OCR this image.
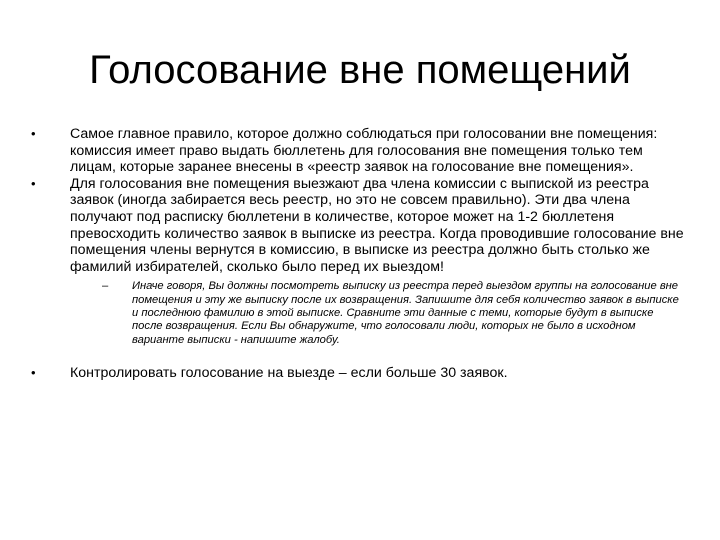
Голосование вне помещений
• Самое главное правило, которое должно соблюдаться при голосовании вне помещения: комиссия имеет право выдать бюллетень для голосования вне помещения только тем лицам, которые заранее внесены в «реестр заявок на голосование вне помещения».
• Для голосования вне помещения выезжают два члена комиссии с выпиской из реестра заявок (иногда забирается весь реестр, но это не совсем правильно). Эти два члена получают под расписку бюллетени в количестве, которое может на 1-2 бюллетеня превосходить количество заявок в выписке из реестра. Когда проводившие голосование вне помещения члены вернутся в комиссию, в выписке из реестра должно быть столько же фамилий избирателей, сколько было перед их выездом!
– Иначе говоря, Вы должны посмотреть выписку из реестра перед выездом группы на голосование вне помещения и эту же выписку после их возвращения. Запишите для себя количество заявок в выписке и последнюю фамилию в этой выписке. Сравните эти данные с теми, которые будут в выписке после возвращения. Если Вы обнаружите, что голосовали люди, которых не было в исходном варианте выписки - напишите жалобу.
• Контролировать голосование на выезде – если больше 30 заявок.
